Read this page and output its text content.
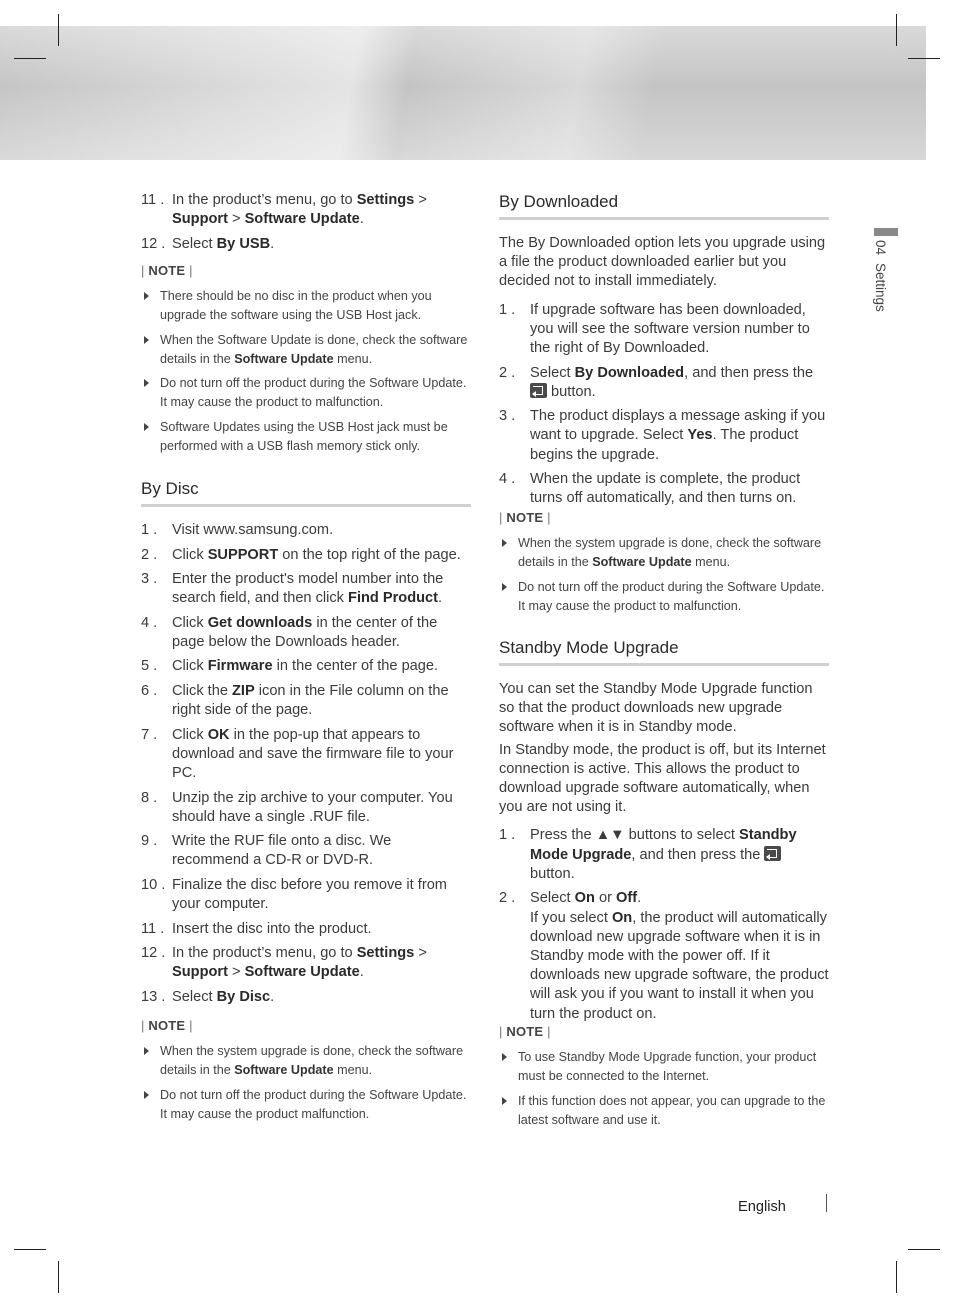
04Settings
11 . In the product’s menu, go to Settings > Support > Software Update.
12 . Select By USB.
| NOTE |
There should be no disc in the product when you upgrade the software using the USB Host jack.
When the Software Update is done, check the software details in the Software Update menu.
Do not turn off the product during the Software Update. It may cause the product to malfunction.
Software Updates using the USB Host jack must be performed with a USB flash memory stick only.
By Disc
1 .	Visit www.samsung.com.
2 .	Click SUPPORT on the top right of the page.
3 .	Enter the product's model number into the search field, and then click Find Product.
4 .	Click Get downloads in the center of the page below the Downloads header.
5 .	Click Firmware in the center of the page.
6 .	Click the ZIP icon in the File column on the right side of the page.
7 .	Click OK in the pop-up that appears to download and save the firmware file to your PC.
8 .	Unzip the zip archive to your computer. You should have a single .RUF file.
9 .	Write the RUF file onto a disc. We recommend a CD-R or DVD-R.
10 . Finalize the disc before you remove it from your computer.
11 . Insert the disc into the product.
12 . In the product’s menu, go to Settings > Support > Software Update.
13 . Select By Disc.
| NOTE |
When the system upgrade is done, check the software details in the Software Update menu.
Do not turn off the product during the Software Update. It may cause the product malfunction.
By Downloaded

The By Downloaded option lets you upgrade using a file the product downloaded earlier but you decided not to install immediately.

1 .	If upgrade software has been downloaded, you will see the software version number to the right of By Downloaded.
2 .	Select By Downloaded, and then press the  button.
3 .	The product displays a message asking if you want to upgrade. Select Yes. The product begins the upgrade.
4 .	When the update is complete, the product turns off automatically, and then turns on.
| NOTE |
When the system upgrade is done, check the software details in the Software Update menu.
Do not turn off the product during the Software Update. It may cause the product to malfunction.
Standby Mode Upgrade

You can set the Standby Mode Upgrade function so that the product downloads new upgrade software when it is in Standby mode.

In Standby mode, the product is off, but its Internet connection is active. This allows the product to download upgrade software automatically, when you are not using it.

1 .	Press the ▲▼ buttons to select Standby Mode Upgrade, and then press the  button.
2 .	Select On or Off.
If you select On, the product will automatically download new upgrade software when it is in Standby mode with the power off. If it downloads new upgrade software, the product will ask you if you want to install it when you turn the product on.
| NOTE |
To use Standby Mode Upgrade function, your product must be connected to the Internet.
If this function does not appear, you can upgrade to the latest software and use it.
English
